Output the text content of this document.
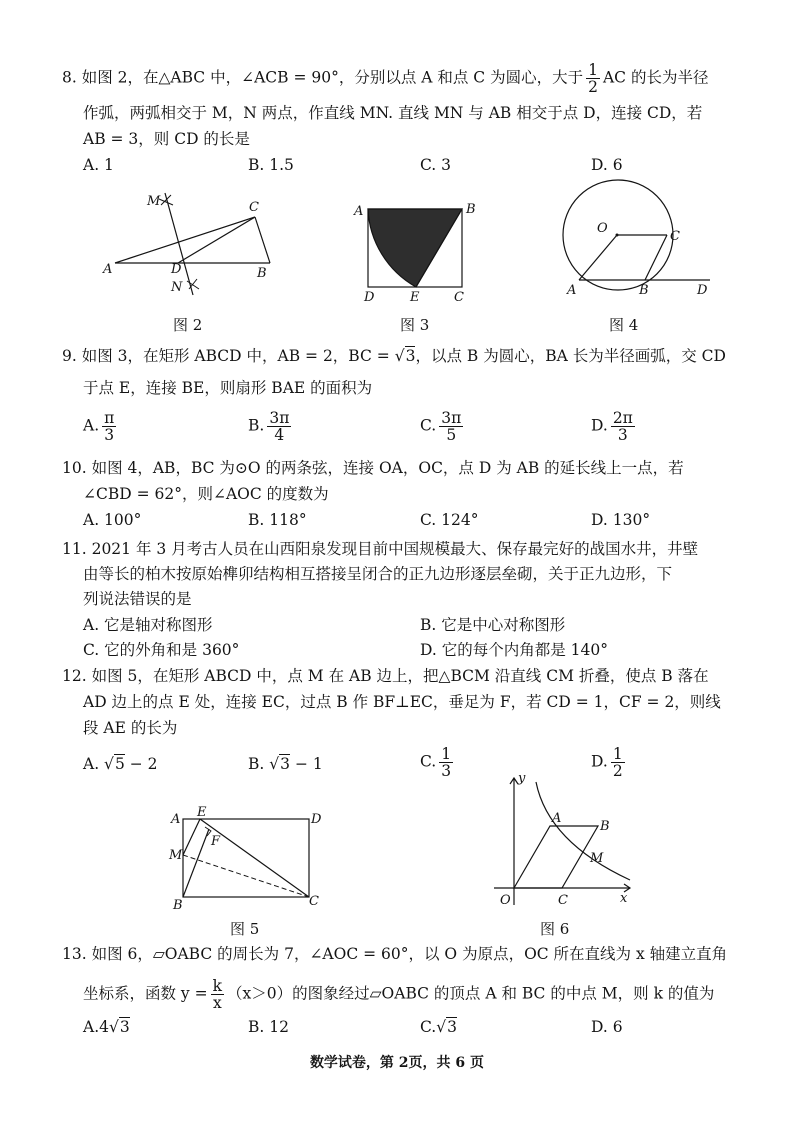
8. 如图 2，在△ABC 中，∠ACB = 90°，分别以点 A 和点 C 为圆心，大于 $\frac{1}{2}$ AC 的长为半径
作弧，两弧相交于 M，N 两点，作直线 MN. 直线 MN 与 AB 相交于点 D，连接 CD，若
AB = 3，则 CD 的长是
A. 1	B. 1.5	C. 3	D. 6
M	C
A	D	B
N
图 2
A	B
D	E	C
图 3
O
C
A	B	D
图 4
9. 如图 3，在矩形 ABCD 中，AB = 2，BC = √3，以点 B 为圆心，BA 长为半径画弧，交 CD
于点 E，连接 BE，则扇形 BAE 的面积为
A. $\frac{\pi}{3}$	B. $\frac{3\pi}{4}$	C. $\frac{3\pi}{5}$	D. $\frac{2\pi}{3}$
10. 如图 4，AB，BC 为⊙O 的两条弦，连接 OA，OC，点 D 为 AB 的延长线上一点，若
∠CBD = 62°，则∠AOC 的度数为
A. 100°	B. 118°	C. 124°	D. 130°
11. 2021 年 3 月考古人员在山西阳泉发现目前中国规模最大、保存最完好的战国水井，井壁
由等长的柏木按原始榫卯结构相互搭接呈闭合的正九边形逐层垒砌，关于正九边形，下
列说法错误的是
A. 它是轴对称图形	B. 它是中心对称图形
C. 它的外角和是 360°	D. 它的每个内角都是 140°
12. 如图 5，在矩形 ABCD 中，点 M 在 AB 边上，把△BCM 沿直线 CM 折叠，使点 B 落在
AD 边上的点 E 处，连接 EC，过点 B 作 BF⊥EC，垂足为 F，若 CD = 1，CF = 2，则线
段 AE 的长为
A. √5 − 2	B. √3 − 1	C. $\frac{1}{3}$	D. $\frac{1}{2}$
A E	D
M
F
B	C
图 5
y
A
B
M
O	C	x
图 6
13. 如图 6，▱OABC 的周长为 7，∠AOC = 60°，以 O 为原点，OC 所在直线为 x 轴建立直角
坐标系，函数 $y = \frac{k}{x} (x>0)$的图象经过▱OABC 的顶点 A 和 BC 的中点 M，则 k 的值为
A.4√3	B. 12	C.√3	D. 6
数学试卷，第 2页，共 6 页
